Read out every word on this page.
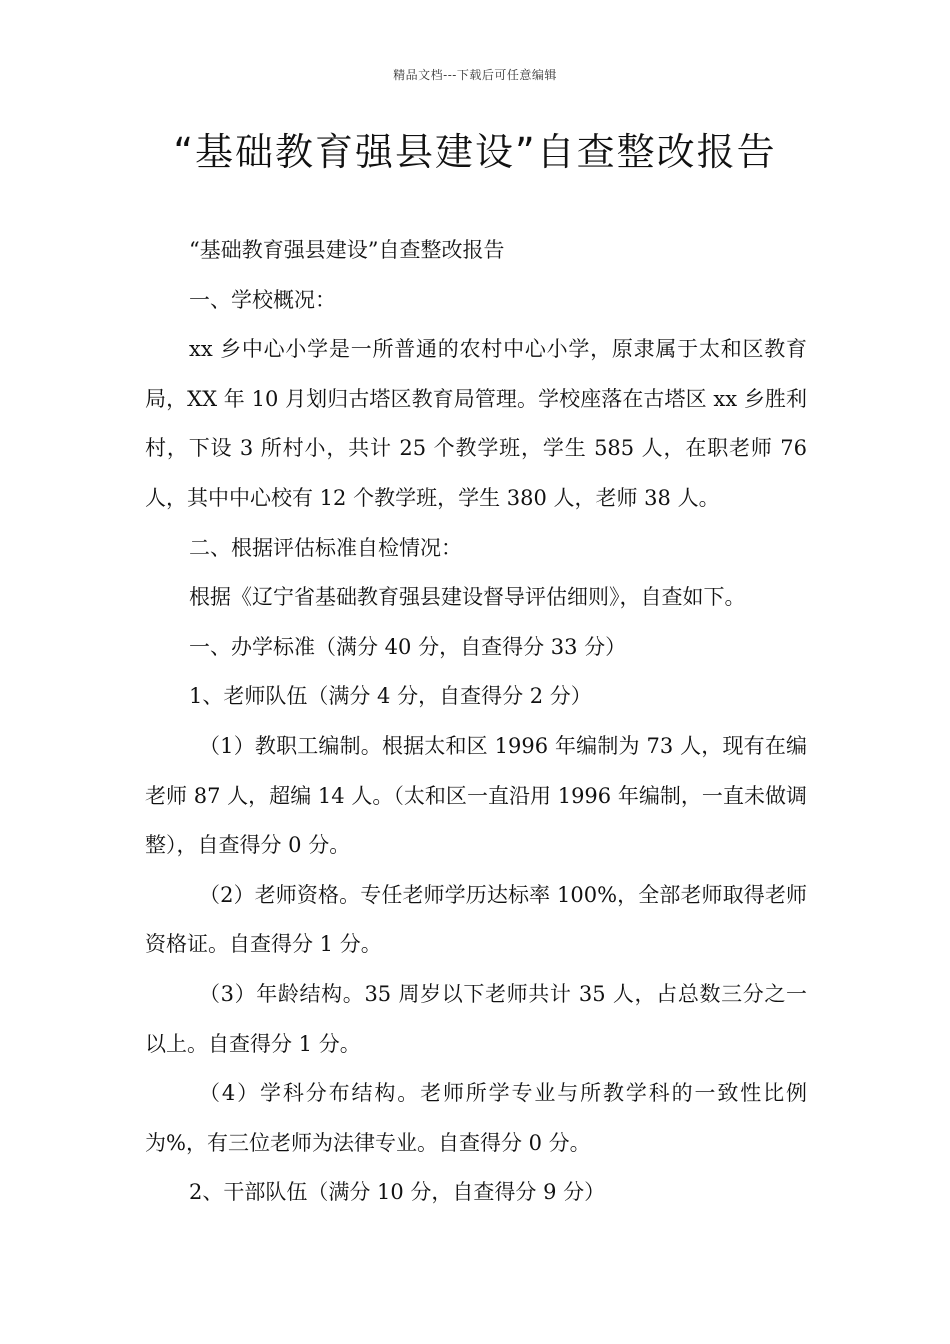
精品文档---下载后可任意编辑
“基础教育强县建设”自查整改报告

“基础教育强县建设”自查整改报告

一、学校概况：

xx 乡中心小学是一所普通的农村中心小学，原隶属于太和区教育局，XX 年 10 月划归古塔区教育局管理。学校座落在古塔区 xx 乡胜利村，下设 3 所村小，共计 25 个教学班，学生 585 人，在职老师 76 人，其中中心校有 12 个教学班，学生 380 人，老师 38 人。

二、根据评估标准自检情况：

根据《辽宁省基础教育强县建设督导评估细则》，自查如下。

一、办学标准（满分 40 分，自查得分 33 分）

1、老师队伍（满分 4 分，自查得分 2 分）

（1）教职工编制。根据太和区 1996 年编制为 73 人，现有在编老师 87 人，超编 14 人。（太和区一直沿用 1996 年编制，一直未做调整），自查得分 0 分。

（2）老师资格。专任老师学历达标率 100%，全部老师取得老师资格证。自查得分 1 分。

（3）年龄结构。35 周岁以下老师共计 35 人，占总数三分之一以上。自查得分 1 分。

（4）学科分布结构。老师所学专业与所教学科的一致性比例为%，有三位老师为法律专业。自查得分 0 分。

2、干部队伍（满分 10 分，自查得分 9 分）
